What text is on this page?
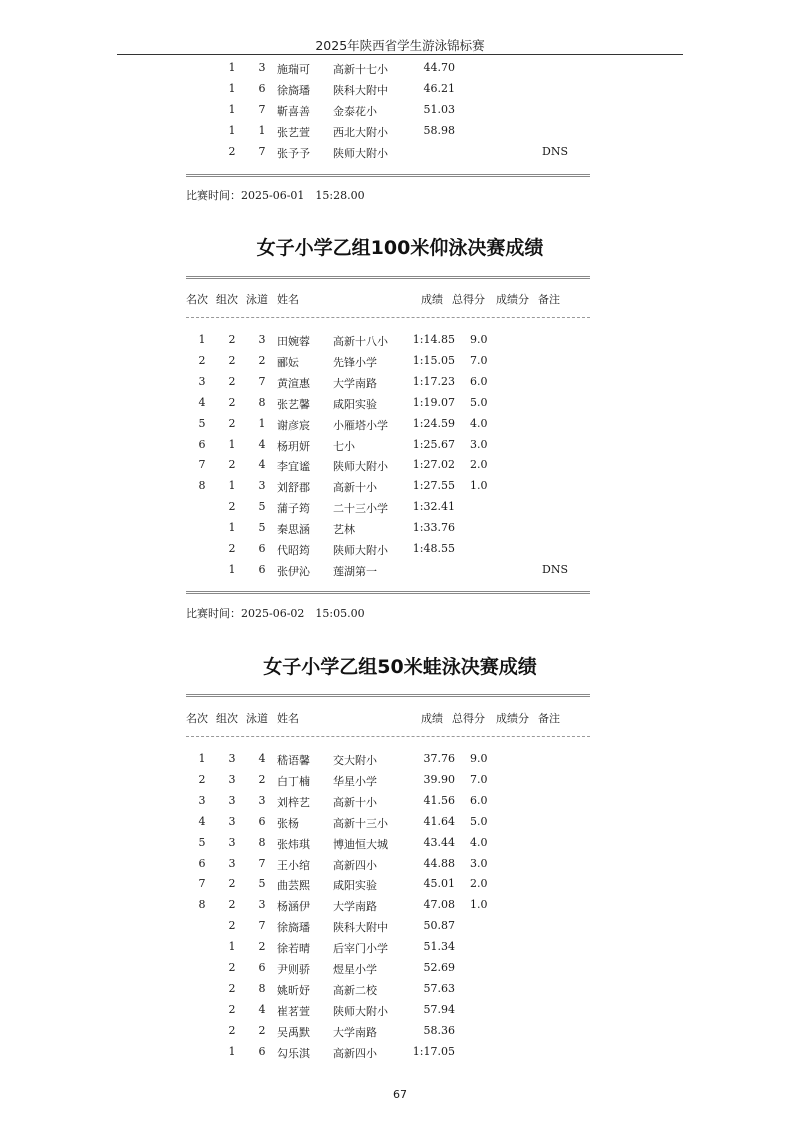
2025年陕西省学生游泳锦标赛
1 3 施瑞可 高新十七小	44.70
1 6 徐旖璠 陕科大附中	46.21
1 7 靳喜善 金泰花小	51.03
1 1 张艺萱 西北大附小	58.98
2 7 张予予 陕师大附小	DNS
比赛时间：2025-06-01　15:28.00
女子小学乙组100米仰泳决赛成绩
名次 组次 泳道 姓名	成绩 总得分 成绩分 备注
1	2 3 田婉蓉 高新十八小	1:14.85 9.0
2	2 2 郦妘	先锋小学	1:15.05 7.0
3	2 7 黄渲惠 大学南路	1:17.23 6.0
4	2 8 张艺馨 咸阳实验	1:19.07 5.0
5	2 1 谢彦宸 小雁塔小学	1:24.59 4.0
6	1 4 杨玥妍 七小	1:25.67 3.0
7	2 4 李宜谧 陕师大附小	1:27.02 2.0
8	1 3 刘舒郡 高新十小	1:27.55 1.0
2 5 蒲子筠 二十三小学	1:32.41
1 5 秦思涵 艺林	1:33.76
2 6 代昭筠 陕师大附小	1:48.55
1 6 张伊沁 莲湖第一	DNS
比赛时间：2025-06-02　15:05.00
女子小学乙组50米蛙泳决赛成绩
名次 组次 泳道 姓名	成绩 总得分 成绩分 备注
1	3 4 嵇语馨 交大附小	37.76 9.0
2	3 2 白丁楠 华星小学	39.90 7.0
3	3 3 刘梓艺 高新十小	41.56 6.0
4	3 6 张杨	高新十三小	41.64 5.0
5	3 8 张炜琪 博迪恒大城	43.44 4.0
6	3 7 王小绾 高新四小	44.88 3.0
7	2 5 曲芸熙 咸阳实验	45.01 2.0
8	2 3 杨涵伊 大学南路	47.08 1.0
2 7 徐旖璠 陕科大附中	50.87
1 2 徐若晴 后宰门小学	51.34
2 6 尹则骄 煜星小学	52.69
2 8 姚昕妤 高新二校	57.63
2 4 崔茗萱 陕师大附小	57.94
2 2 吴禹默 大学南路	58.36
1 6 勾乐淇 高新四小	1:17.05
67
